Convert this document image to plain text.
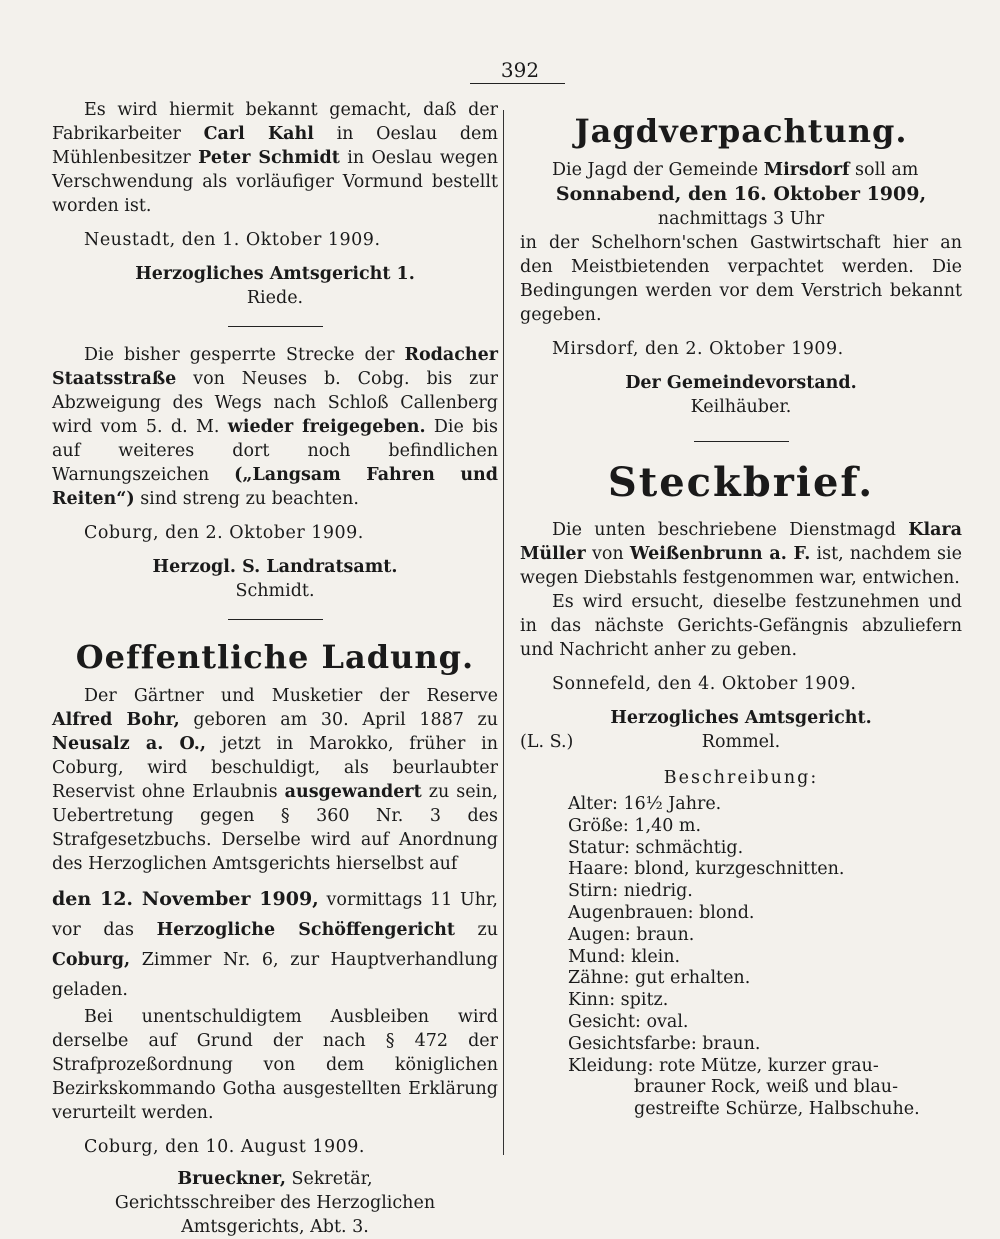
392

Es wird hiermit bekannt gemacht, daß der Fabrikarbeiter Carl Kahl in Oeslau dem Mühlenbesitzer Peter Schmidt in Oeslau wegen Verschwendung als vorläufiger Vormund bestellt worden ist.

Neustadt, den 1. Oktober 1909.

Herzogliches Amtsgericht 1.

Riede.

Die bisher gesperrte Strecke der Rodacher Staatsstraße von Neuses b. Cobg. bis zur Abzweigung des Wegs nach Schloß Callenberg wird vom 5. d. M. wieder freigegeben. Die bis auf weiteres dort noch befindlichen Warnungszeichen („Langsam Fahren und Reiten“) sind streng zu beachten.

Coburg, den 2. Oktober 1909.

Herzogl. S. Landratsamt.

Schmidt.

Oeffentliche Ladung.

Der Gärtner und Musketier der Reserve Alfred Bohr, geboren am 30. April 1887 zu Neusalz a. O., jetzt in Marokko, früher in Coburg, wird beschuldigt, als beurlaubter Reservist ohne Erlaubnis ausgewandert zu sein, Uebertretung gegen § 360 Nr. 3 des Strafgesetzbuchs. Derselbe wird auf Anordnung des Herzoglichen Amtsgerichts hierselbst auf

den 12. November 1909, vormittags 11 Uhr, vor das Herzogliche Schöffengericht zu Coburg, Zimmer Nr. 6, zur Hauptverhandlung geladen.

Bei unentschuldigtem Ausbleiben wird derselbe auf Grund der nach § 472 der Strafprozeßordnung von dem königlichen Bezirkskommando Gotha ausgestellten Erklärung verurteilt werden.

Coburg, den 10. August 1909.

Brueckner, Sekretär,

Gerichtsschreiber des Herzoglichen Amtsgerichts, Abt. 3.

Jagdverpachtung.

Die Jagd der Gemeinde Mirsdorf soll am

Sonnabend, den 16. Oktober 1909,

nachmittags 3 Uhr

in der Schelhorn'schen Gastwirtschaft hier an den Meistbietenden verpachtet werden. Die Bedingungen werden vor dem Verstrich bekannt gegeben.

Mirsdorf, den 2. Oktober 1909.

Der Gemeindevorstand.

Keilhäuber.

Steckbrief.

Die unten beschriebene Dienstmagd Klara Müller von Weißenbrunn a. F. ist, nachdem sie wegen Diebstahls festgenommen war, entwichen.

Es wird ersucht, dieselbe festzunehmen und in das nächste Gerichts-Gefängnis abzuliefern und Nachricht anher zu geben.

Sonnefeld, den 4. Oktober 1909.

Herzogliches Amtsgericht.

(L. S.)	Rommel.

Beschreibung:

Alter: 16½ Jahre.
Größe: 1,40 m.
Statur: schmächtig.
Haare: blond, kurzgeschnitten.
Stirn: niedrig.
Augenbrauen: blond.
Augen: braun.
Mund: klein.
Zähne: gut erhalten.
Kinn: spitz.
Gesicht: oval.
Gesichtsfarbe: braun.
Kleidung: rote Mütze, kurzer grau-
brauner Rock, weiß und blau-
gestreifte Schürze, Halbschuhe.
